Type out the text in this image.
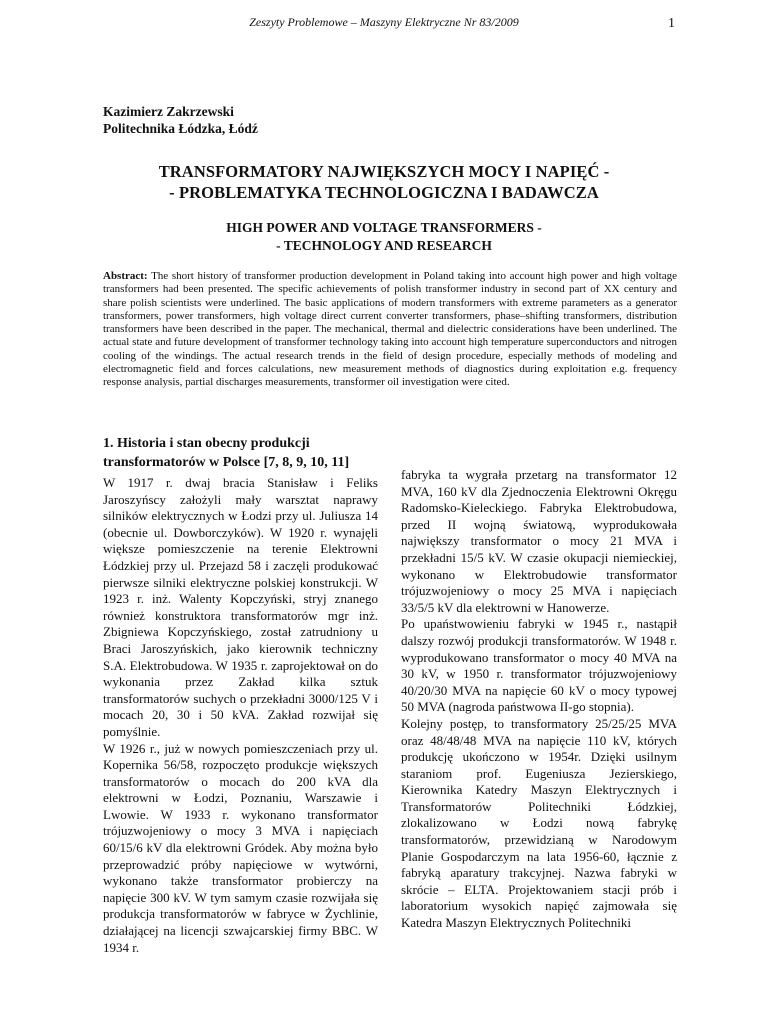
Zeszyty Problemowe – Maszyny Elektryczne Nr 83/2009	1
Kazimierz Zakrzewski
Politechnika Łódzka, Łódź
TRANSFORMATORY NAJWIĘKSZYCH MOCY I NAPIĘĆ -
- PROBLEMATYKA TECHNOLOGICZNA I BADAWCZA
HIGH POWER AND VOLTAGE TRANSFORMERS -
- TECHNOLOGY AND RESEARCH
Abstract: The short history of transformer production development in Poland taking into account high power and high voltage transformers had been presented. The specific achievements of polish transformer industry in second part of XX century and share polish scientists were underlined. The basic applications of modern transformers with extreme parameters as a generator transformers, power transformers, high voltage direct current converter transformers, phase–shifting transformers, distribution transformers have been described in the paper. The mechanical, thermal and dielectric considerations have been underlined. The actual state and future development of transformer technology taking into account high temperature superconductors and nitrogen cooling of the windings. The actual research trends in the field of design procedure, especially methods of modeling and electromagnetic field and forces calculations, new measurement methods of diagnostics during exploitation e.g. frequency response analysis, partial discharges measurements, transformer oil investigation were cited.
1. Historia i stan obecny produkcji transformatorów w Polsce [7, 8, 9, 10, 11]

W 1917 r. dwaj bracia Stanisław i Feliks Jaroszyńscy założyli mały warsztat naprawy silników elektrycznych w Łodzi przy ul. Juliusza 14 (obecnie ul. Dowborczyków). W 1920 r. wynajęli większe pomieszczenie na terenie Elektrowni Łódzkiej przy ul. Przejazd 58 i zaczęli produkować pierwsze silniki elektryczne polskiej konstrukcji. W 1923 r. inż. Walenty Kopczyński, stryj znanego również konstruktora transformatorów mgr inż. Zbigniewa Kopczyńskiego, został zatrudniony u Braci Jaroszyńskich, jako kierownik techniczny S.A. Elektrobudowa. W 1935 r. zaprojektował on do wykonania przez Zakład kilka sztuk transformatorów suchych o przekładni 3000/125 V i mocach 20, 30 i 50 kVA. Zakład rozwijał się pomyślnie.

W 1926 r., już w nowych pomieszczeniach przy ul. Kopernika 56/58, rozpoczęto produkcje większych transformatorów o mocach do 200 kVA dla elektrowni w Łodzi, Poznaniu, Warszawie i Lwowie. W 1933 r. wykonano transformator trójuzwojeniowy o mocy 3 MVA i napięciach 60/15/6 kV dla elektrowni Gródek. Aby można było przeprowadzić próby napięciowe w wytwórni, wykonano także transformator probierczy na napięcie 300 kV. W tym samym czasie rozwijała się produkcja transformatorów w fabryce w Żychlinie, działającej na licencji szwajcarskiej firmy BBC. W 1934 r.

fabryka ta wygrała przetarg na transformator 12 MVA, 160 kV dla Zjednoczenia Elektrowni Okręgu Radomsko-Kieleckiego. Fabryka Elektrobudowa, przed II wojną światową, wyprodukowała największy transformator o mocy 21 MVA i przekładni 15/5 kV. W czasie okupacji niemieckiej, wykonano w Elektrobudowie transformator trójuzwojeniowy o mocy 25 MVA i napięciach 33/5/5 kV dla elektrowni w Hanowerze.

Po upaństwowieniu fabryki w 1945 r., nastąpił dalszy rozwój produkcji transformatorów. W 1948 r. wyprodukowano transformator o mocy 40 MVA na 30 kV, w 1950 r. transformator trójuzwojeniowy 40/20/30 MVA na napięcie 60 kV o mocy typowej 50 MVA (nagroda państwowa II-go stopnia).

Kolejny postęp, to transformatory 25/25/25 MVA oraz 48/48/48 MVA na napięcie 110 kV, których produkcję ukończono w 1954r. Dzięki usilnym staraniom prof. Eugeniusza Jezierskiego, Kierownika Katedry Maszyn Elektrycznych i Transformatorów Politechniki Łódzkiej, zlokalizowano w Łodzi nową fabrykę transformatorów, przewidzianą w Narodowym Planie Gospodarczym na lata 1956-60, łącznie z fabryką aparatury trakcyjnej. Nazwa fabryki w skrócie – ELTA. Projektowaniem stacji prób i laboratorium wysokich napięć zajmowała się Katedra Maszyn Elektrycznych Politechniki
